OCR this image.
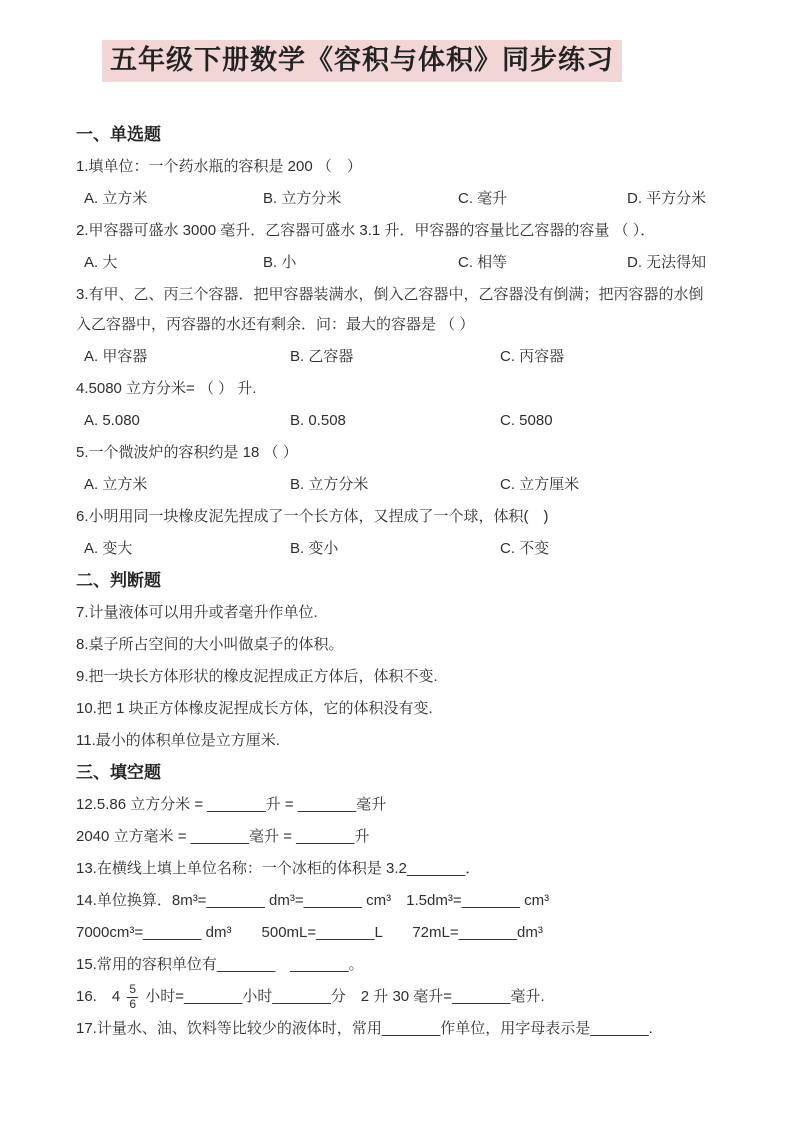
五年级下册数学《容积与体积》同步练习
一、单选题
1.填单位：一个药水瓶的容积是 200 （　）
A. 立方米	B. 立方分米	C. 毫升	D. 平方分米
2.甲容器可盛水 3000 毫升．乙容器可盛水 3.1 升．甲容器的容量比乙容器的容量 （ ）．
A. 大	B. 小	C. 相等	D. 无法得知
3.有甲、乙、丙三个容器．把甲容器装满水，倒入乙容器中，乙容器没有倒满；把丙容器的水倒入乙容器中，丙容器的水还有剩余．问：最大的容器是 （ ）
A. 甲容器	B. 乙容器	C. 丙容器
4.5080 立方分米= （ ） 升.
A. 5.080	B. 0.508	C. 5080
5.一个微波炉的容积约是 18 （ ）
A. 立方米	B. 立方分米	C. 立方厘米
6.小明用同一块橡皮泥先捏成了一个长方体，又捏成了一个球，体积(　)
A. 变大	B. 变小	C. 不变
二、判断题
7.计量液体可以用升或者毫升作单位.
8.桌子所占空间的大小叫做桌子的体积。
9.把一块长方体形状的橡皮泥捏成正方体后，体积不变.
10.把 1 块正方体橡皮泥捏成长方体，它的体积没有变.
11.最小的体积单位是立方厘米.
三、填空题
12.5.86 立方分米 = _______升 = _______毫升
2040 立方毫米 = _______毫升 = _______升
13.在横线上填上单位名称：一个冰柜的体积是 3.2_______．
14.单位换算．8m³=_______ dm³=_______ cm³　1.5dm³=_______ cm³
7000cm³=_______ dm³　　500mL=_______L　　72mL=_______dm³
15.常用的容积单位有_______　_______。
16.　$4 \frac{5}{6}$ 小时=_______小时_______分　2 升 30 毫升=_______毫升.
17.计量水、油、饮料等比较少的液体时，常用_______作单位，用字母表示是_______.
